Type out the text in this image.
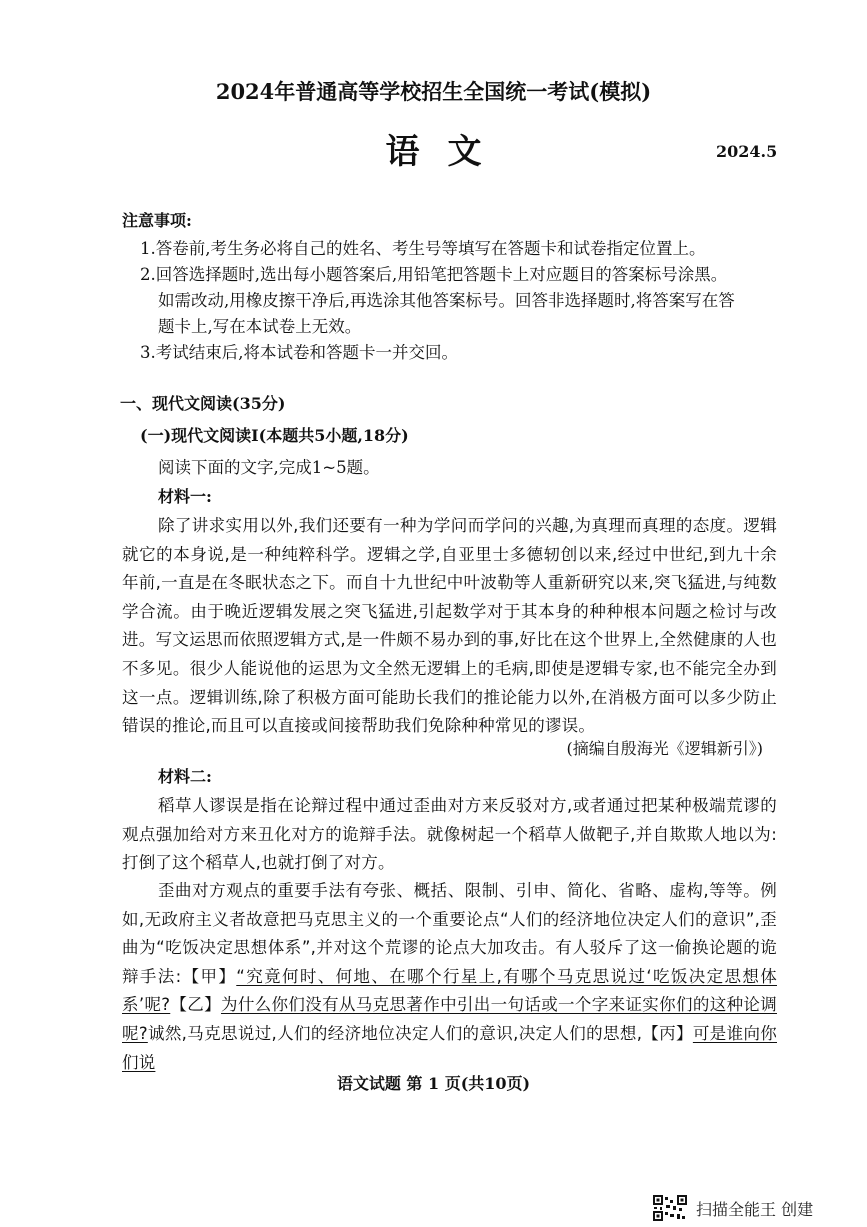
2024年普通高等学校招生全国统一考试(模拟)
语文	2024.5
注意事项:
1.答卷前,考生务必将自己的姓名、考生号等填写在答题卡和试卷指定位置上。
2.回答选择题时,选出每小题答案后,用铅笔把答题卡上对应题目的答案标号涂黑。
如需改动,用橡皮擦干净后,再选涂其他答案标号。回答非选择题时,将答案写在答
题卡上,写在本试卷上无效。
3.考试结束后,将本试卷和答题卡一并交回。
一、现代文阅读(35分)
(一)现代文阅读Ⅰ(本题共5小题,18分)
阅读下面的文字,完成1~5题。
材料一:
除了讲求实用以外,我们还要有一种为学问而学问的兴趣,为真理而真理的态度。逻辑就它的本身说,是一种纯粹科学。逻辑之学,自亚里士多德轫创以来,经过中世纪,到九十余年前,一直是在冬眠状态之下。而自十九世纪中叶波勒等人重新研究以来,突飞猛进,与纯数学合流。由于晚近逻辑发展之突飞猛进,引起数学对于其本身的种种根本问题之检讨与改进。写文运思而依照逻辑方式,是一件颇不易办到的事,好比在这个世界上,全然健康的人也不多见。很少人能说他的运思为文全然无逻辑上的毛病,即使是逻辑专家,也不能完全办到这一点。逻辑训练,除了积极方面可能助长我们的推论能力以外,在消极方面可以多少防止错误的推论,而且可以直接或间接帮助我们免除种种常见的谬误。
(摘编自殷海光《逻辑新引》)
材料二:
稻草人谬误是指在论辩过程中通过歪曲对方来反驳对方,或者通过把某种极端荒谬的观点强加给对方来丑化对方的诡辩手法。就像树起一个稻草人做靶子,并自欺欺人地以为:打倒了这个稻草人,也就打倒了对方。
歪曲对方观点的重要手法有夸张、概括、限制、引申、简化、省略、虚构,等等。例如,无政府主义者故意把马克思主义的一个重要论点“人们的经济地位决定人们的意识”,歪曲为“吃饭决定思想体系”,并对这个荒谬的论点大加攻击。有人驳斥了这一偷换论题的诡辩手法:【甲】“究竟何时、何地、在哪个行星上,有哪个马克思说过‘吃饭决定思想体系’呢?【乙】为什么你们没有从马克思著作中引出一句话或一个字来证实你们的这种论调呢?诚然,马克思说过,人们的经济地位决定人们的意识,决定人们的思想,【丙】可是谁向你们说
语文试题 第 1 页(共10页)
扫描全能王 创建
